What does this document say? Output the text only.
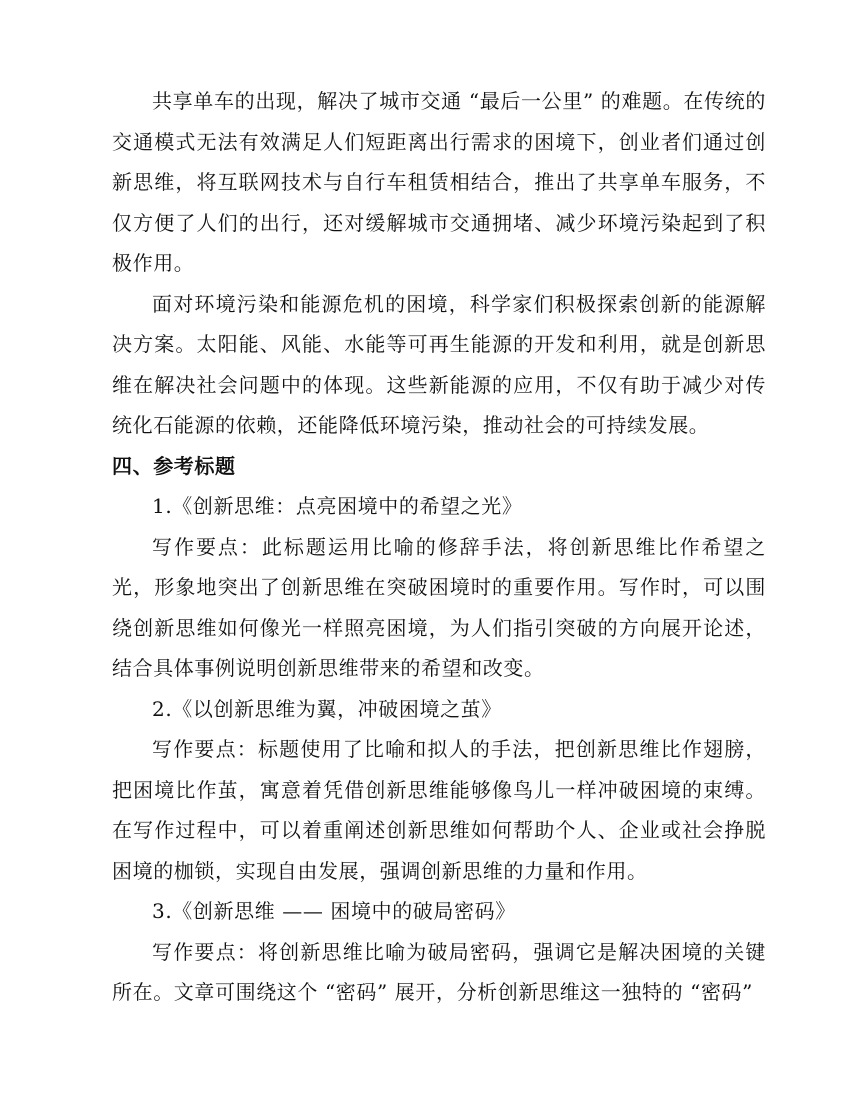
共享单车的出现，解决了城市交通 “最后一公里” 的难题。在传统的交通模式无法有效满足人们短距离出行需求的困境下，创业者们通过创新思维，将互联网技术与自行车租赁相结合，推出了共享单车服务，不仅方便了人们的出行，还对缓解城市交通拥堵、减少环境污染起到了积极作用。

面对环境污染和能源危机的困境，科学家们积极探索创新的能源解决方案。太阳能、风能、水能等可再生能源的开发和利用，就是创新思维在解决社会问题中的体现。这些新能源的应用，不仅有助于减少对传统化石能源的依赖，还能降低环境污染，推动社会的可持续发展。

四、参考标题

1.《创新思维：点亮困境中的希望之光》

写作要点：此标题运用比喻的修辞手法，将创新思维比作希望之光，形象地突出了创新思维在突破困境时的重要作用。写作时，可以围绕创新思维如何像光一样照亮困境，为人们指引突破的方向展开论述，结合具体事例说明创新思维带来的希望和改变。

2.《以创新思维为翼，冲破困境之茧》

写作要点：标题使用了比喻和拟人的手法，把创新思维比作翅膀，把困境比作茧，寓意着凭借创新思维能够像鸟儿一样冲破困境的束缚。在写作过程中，可以着重阐述创新思维如何帮助个人、企业或社会挣脱困境的枷锁，实现自由发展，强调创新思维的力量和作用。

3.《创新思维 —— 困境中的破局密码》

写作要点：将创新思维比喻为破局密码，强调它是解决困境的关键所在。文章可围绕这个 “密码” 展开，分析创新思维这一独特的 “密码”
